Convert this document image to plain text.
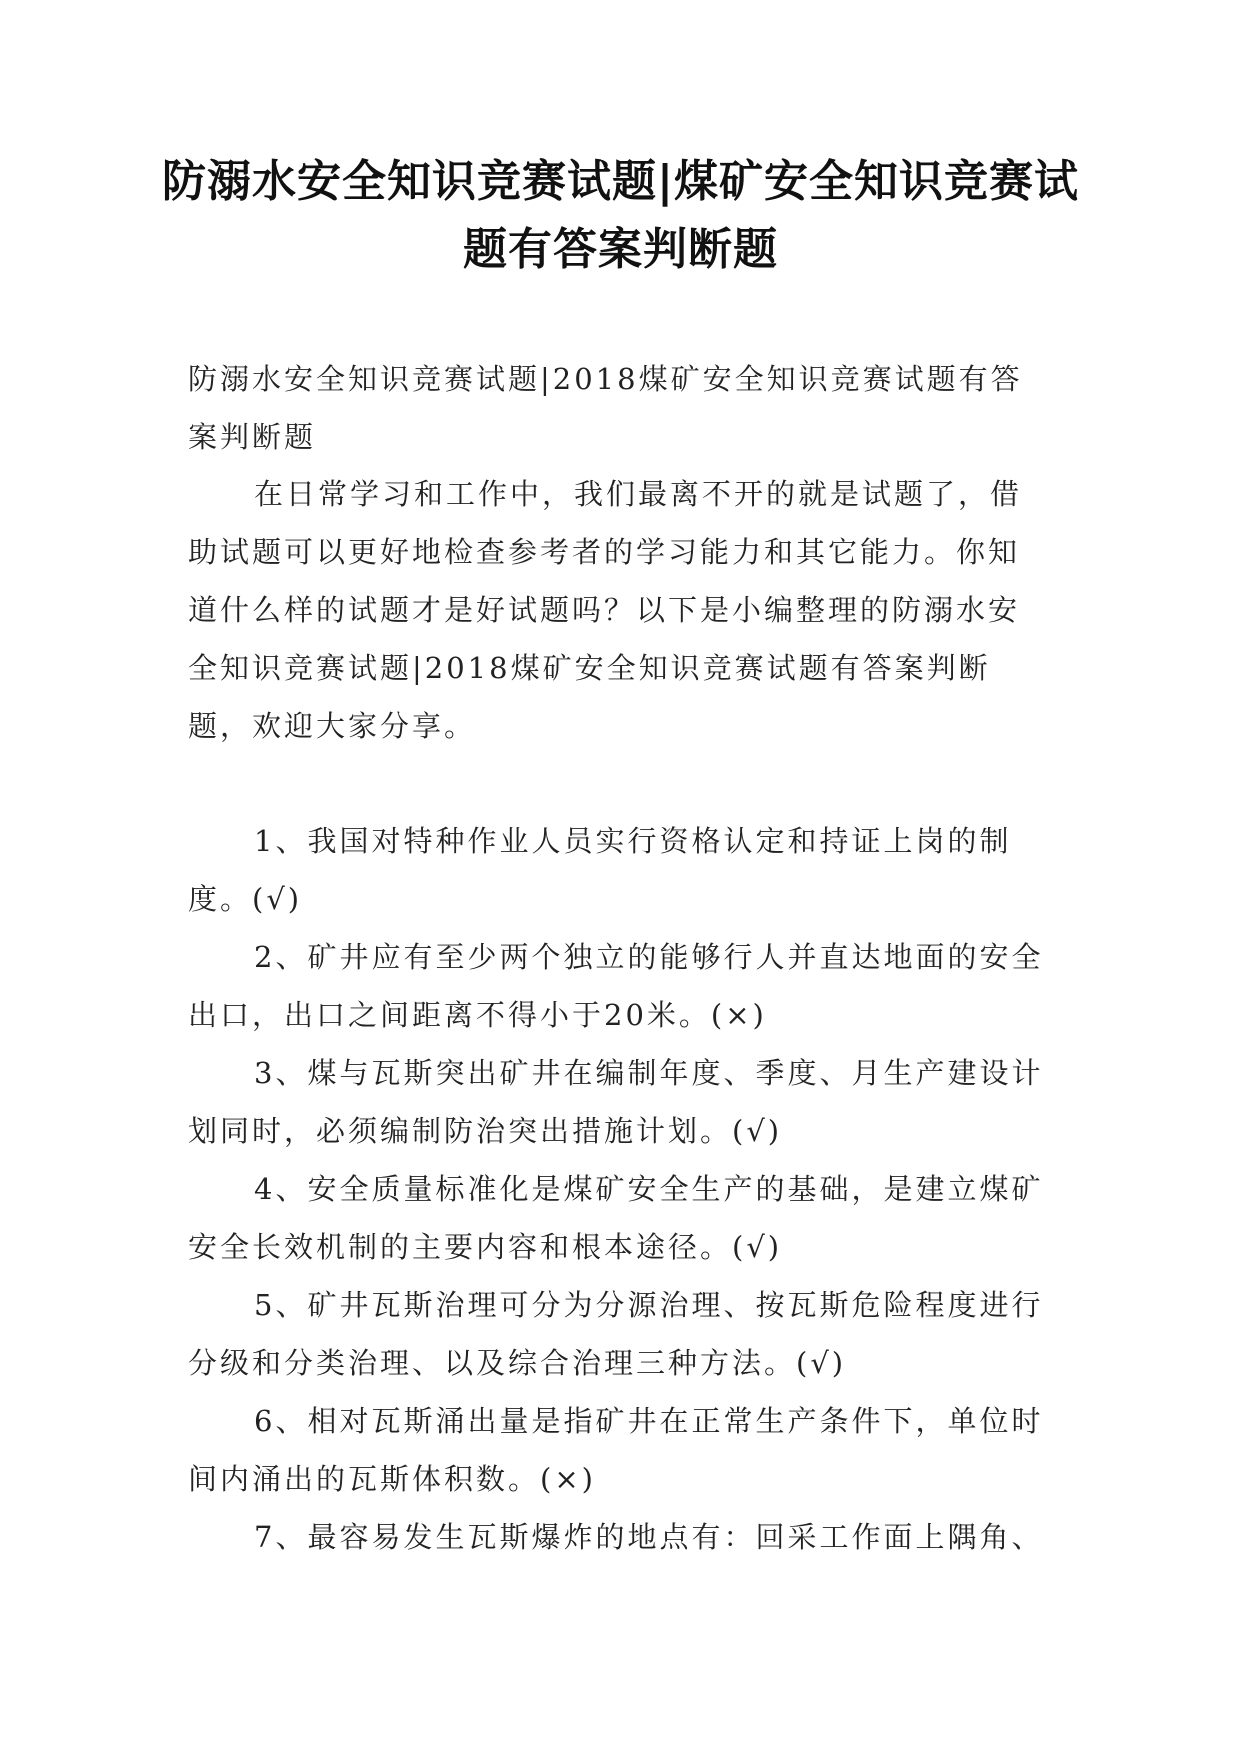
防溺水安全知识竞赛试题|煤矿安全知识竞赛试题有答案判断题

防溺水安全知识竞赛试题|2018煤矿安全知识竞赛试题有答案判断题

在日常学习和工作中，我们最离不开的就是试题了，借助试题可以更好地检查参考者的学习能力和其它能力。你知道什么样的试题才是好试题吗？以下是小编整理的防溺水安全知识竞赛试题|2018煤矿安全知识竞赛试题有答案判断题，欢迎大家分享。

1、我国对特种作业人员实行资格认定和持证上岗的制度。(√)

2、矿井应有至少两个独立的能够行人并直达地面的安全出口，出口之间距离不得小于20米。(×)

3、煤与瓦斯突出矿井在编制年度、季度、月生产建设计划同时，必须编制防治突出措施计划。(√)

4、安全质量标准化是煤矿安全生产的基础，是建立煤矿安全长效机制的主要内容和根本途径。(√)

5、矿井瓦斯治理可分为分源治理、按瓦斯危险程度进行分级和分类治理、以及综合治理三种方法。(√)

6、相对瓦斯涌出量是指矿井在正常生产条件下，单位时间内涌出的瓦斯体积数。(×)

7、最容易发生瓦斯爆炸的地点有：回采工作面上隅角、
